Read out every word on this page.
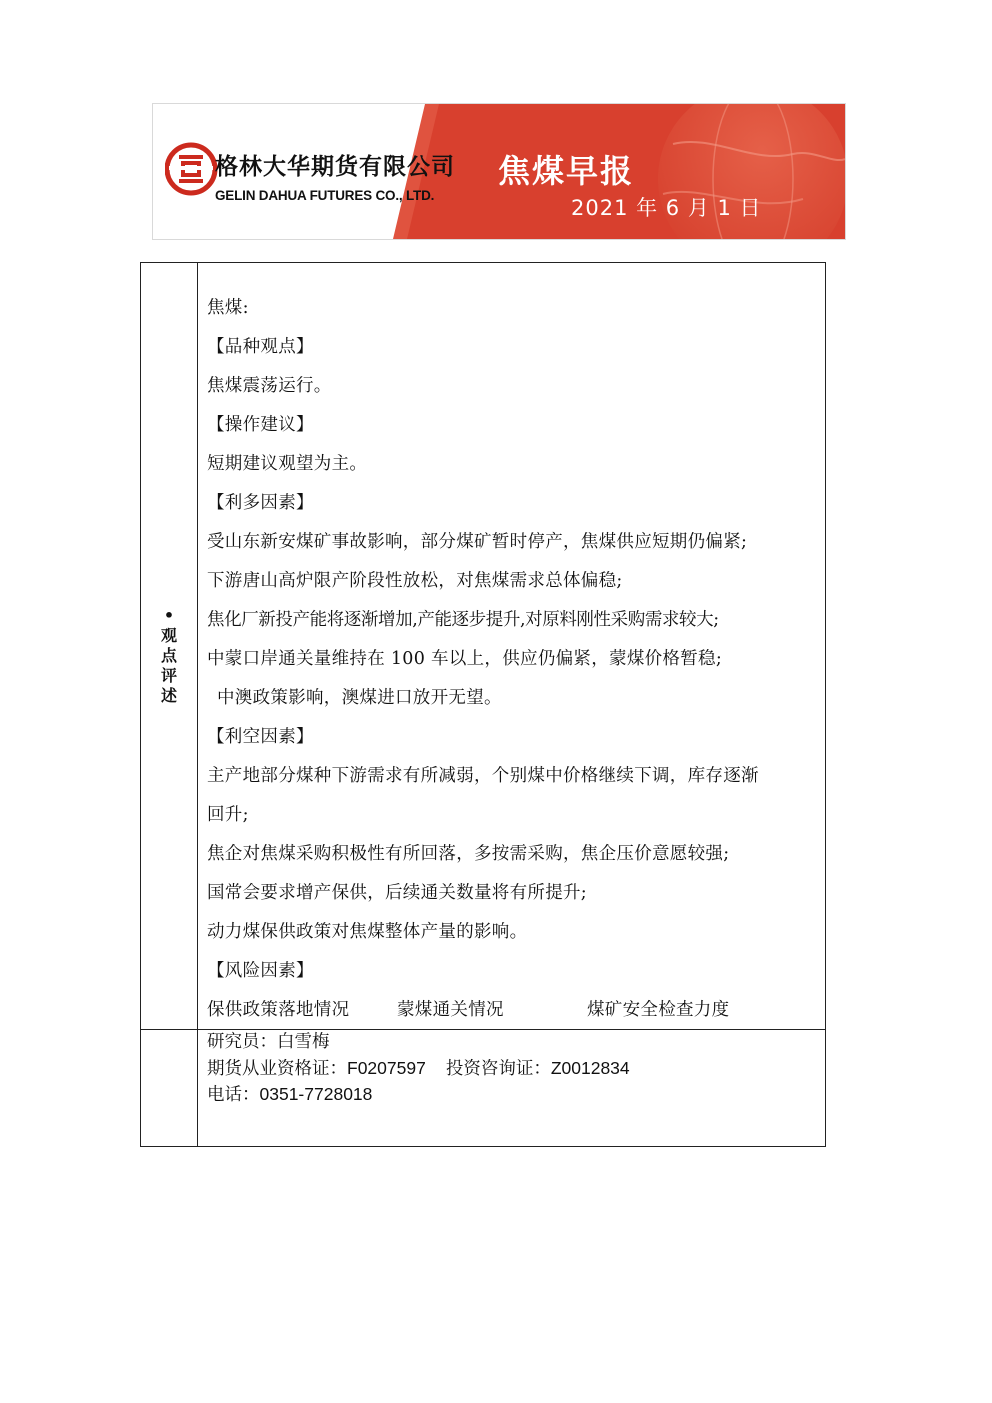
格林大华期货有限公司
GELIN DAHUA FUTURES CO., LTD.
焦煤早报
2021 年 6 月 1 日
•
观
点
评
述
焦煤:
【品种观点】
焦煤震荡运行。
【操作建议】
短期建议观望为主。
【利多因素】
受山东新安煤矿事故影响，部分煤矿暂时停产，焦煤供应短期仍偏紧;
下游唐山高炉限产阶段性放松，对焦煤需求总体偏稳;
焦化厂新投产能将逐渐增加,产能逐步提升,对原料刚性采购需求较大;
中蒙口岸通关量维持在 100 车以上，供应仍偏紧，蒙煤价格暂稳;
中澳政策影响，澳煤进口放开无望。
【利空因素】
主产地部分煤种下游需求有所减弱，个别煤中价格继续下调，库存逐渐
回升;
焦企对焦煤采购积极性有所回落，多按需采购，焦企压价意愿较强;
国常会要求增产保供，后续通关数量将有所提升;
动力煤保供政策对焦煤整体产量的影响。
【风险因素】
保供政策落地情况	蒙煤通关情况	煤矿安全检查力度
研究员：白雪梅
期货从业资格证：F0207597 投资咨询证：Z0012834
电话：0351-7728018
